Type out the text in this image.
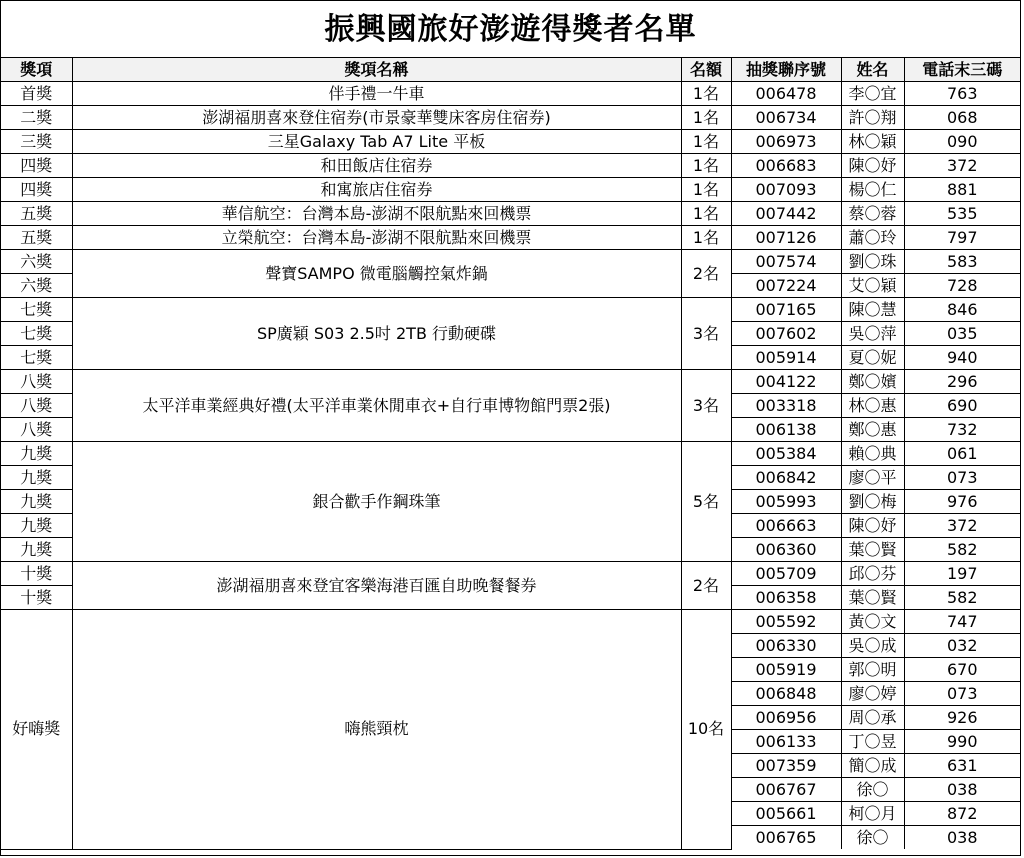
振興國旅好澎遊得獎者名單
獎項	獎項名稱	名額	抽獎聯序號	姓名	電話末三碼
首獎	伴手禮一牛車	1名	006478	李〇宜	763
二獎	澎湖福朋喜來登住宿券(市景豪華雙床客房住宿券)	1名	006734	許〇翔	068
三獎	三星Galaxy Tab A7 Lite 平板	1名	006973	林〇穎	090
四獎	和田飯店住宿券	1名	006683	陳〇妤	372
四獎	和寓旅店住宿券	1名	007093	楊〇仁	881
五獎	華信航空：台灣本島-澎湖不限航點來回機票	1名	007442	蔡〇蓉	535
五獎	立榮航空：台灣本島-澎湖不限航點來回機票	1名	007126	蕭〇玲	797
六獎	聲寶SAMPO 微電腦觸控氣炸鍋	2名	007574	劉〇珠	583
六獎			007224	艾〇穎	728
七獎	SP廣穎 S03 2.5吋 2TB 行動硬碟	3名	007165	陳〇慧	846
七獎			007602	吳〇萍	035
七獎			005914	夏〇妮	940
八獎	太平洋車業經典好禮(太平洋車業休閒車衣+自行車博物館門票2張)	3名	004122	鄭〇嬪	296
八獎			003318	林〇惠	690
八獎			006138	鄭〇惠	732
九獎	銀合歡手作鋼珠筆	5名	005384	賴〇典	061
九獎			006842	廖〇平	073
九獎			005993	劉〇梅	976
九獎			006663	陳〇妤	372
九獎			006360	葉〇賢	582
十獎	澎湖福朋喜來登宜客樂海港百匯自助晚餐餐券	2名	005709	邱〇芬	197
十獎			006358	葉〇賢	582
好嗨獎	嗨熊頸枕	10名	005592	黃〇文	747
			006330	吳〇成	032
			005919	郭〇明	670
			006848	廖〇婷	073
			006956	周〇承	926
			006133	丁〇昱	990
			007359	簡〇成	631
			006767	徐〇	038
			005661	柯〇月	872
			006765	徐〇	038
